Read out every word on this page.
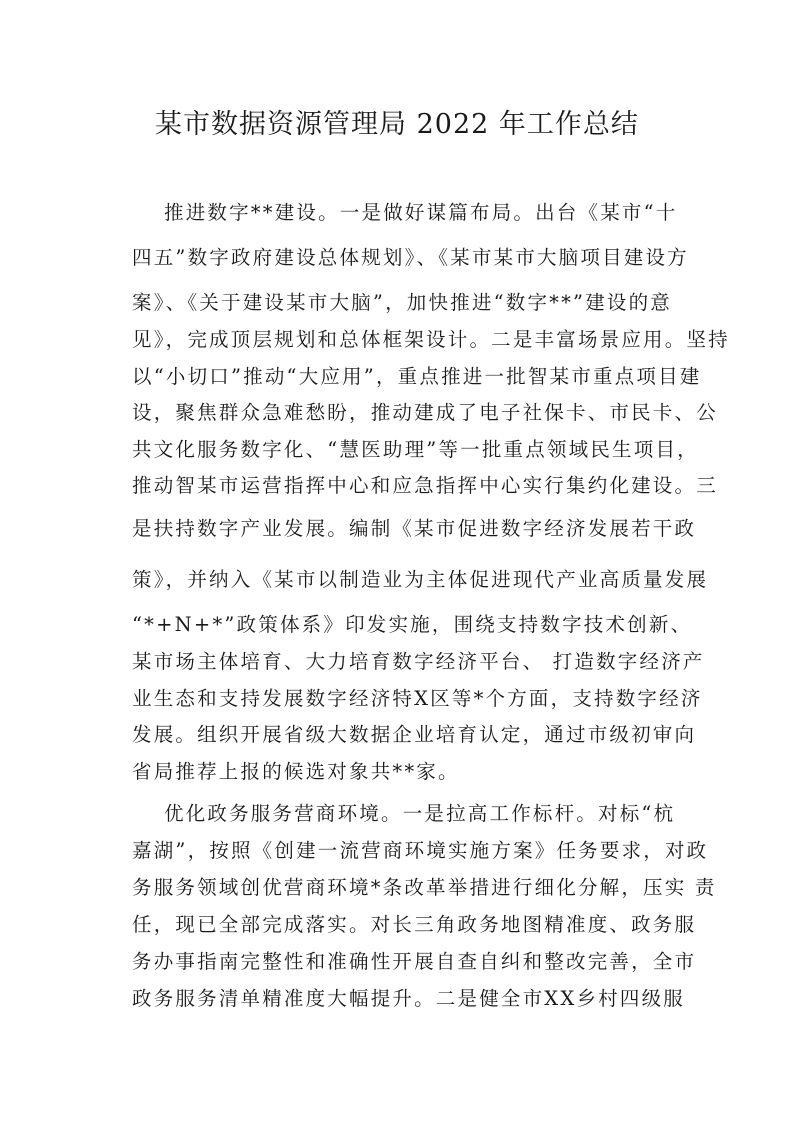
某市数据资源管理局 2022 年工作总结
推进数字**建设。一是做好谋篇布局。出台《某市“十
四五”数字政府建设总体规划》、《某市某市大脑项目建设方
案》、《关于建设某市大脑”，加快推进“数字**”建设的意
见》，完成顶层规划和总体框架设计。二是丰富场景应用。坚持
以“小切口”推动“大应用”，重点推进一批智某市重点项目建
设，聚焦群众急难愁盼，推动建成了电子社保卡、市民卡、公
共文化服务数字化、“慧医助理”等一批重点领域民生项目，
推动智某市运营指挥中心和应急指挥中心实行集约化建设。三
是扶持数字产业发展。编制《某市促进数字经济发展若干政
策》，并纳入《某市以制造业为主体促进现代产业高质量发展
“*+N+*”政策体系》印发实施，围绕支持数字技术创新、
某市场主体培育、大力培育数字经济平台、 打造数字经济产
业生态和支持发展数字经济特X区等*个方面，支持数字经济
发展。组织开展省级大数据企业培育认定，通过市级初审向
省局推荐上报的候选对象共**家。
优化政务服务营商环境。一是拉高工作标杆。对标“杭
嘉湖”，按照《创建一流营商环境实施方案》任务要求，对政
务服务领域创优营商环境*条改革举措进行细化分解，压实 责
任，现已全部完成落实。对长三角政务地图精准度、政务服
务办事指南完整性和准确性开展自查自纠和整改完善，全市
政务服务清单精准度大幅提升。二是健全市XX乡村四级服
